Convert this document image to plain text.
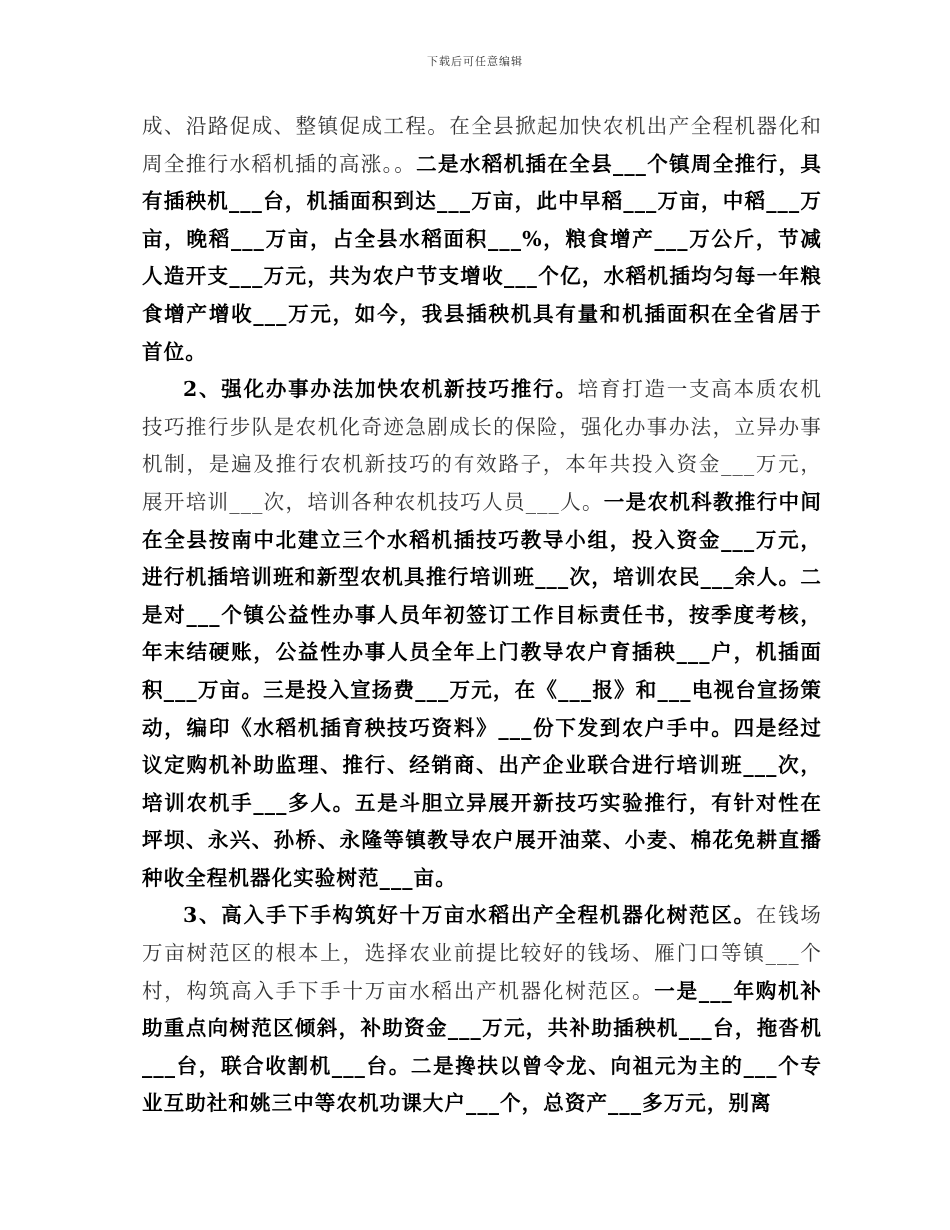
下载后可任意编辑

成、沿路促成、整镇促成工程。在全县掀起加快农机出产全程机器化和周全推行水稻机插的高涨。。二是水稻机插在全县___个镇周全推行，具有插秧机___台，机插面积到达___万亩，此中早稻___万亩，中稻___万亩，晚稻___万亩，占全县水稻面积___%，粮食增产___万公斤，节减人造开支___万元，共为农户节支增收___个亿，水稻机插均匀每一年粮食增产增收___万元，如今，我县插秧机具有量和机插面积在全省居于首位。

2、强化办事办法加快农机新技巧推行。培育打造一支高本质农机技巧推行步队是农机化奇迹急剧成长的保险，强化办事办法，立异办事机制，是遍及推行农机新技巧的有效路子，本年共投入资金___万元，展开培训___次，培训各种农机技巧人员___人。一是农机科教推行中间在全县按南中北建立三个水稻机插技巧教导小组，投入资金___万元，进行机插培训班和新型农机具推行培训班___次，培训农民___余人。二是对___个镇公益性办事人员年初签订工作目标责任书，按季度考核，年末结硬账，公益性办事人员全年上门教导农户育插秧___户，机插面积___万亩。三是投入宣扬费___万元，在《___报》和___电视台宣扬策动，编印《水稻机插育秧技巧资料》___份下发到农户手中。四是经过议定购机补助监理、推行、经销商、出产企业联合进行培训班___次，培训农机手___多人。五是斗胆立异展开新技巧实验推行，有针对性在坪坝、永兴、孙桥、永隆等镇教导农户展开油菜、小麦、棉花免耕直播种收全程机器化实验树范___亩。

3、高入手下手构筑好十万亩水稻出产全程机器化树范区。在钱场万亩树范区的根本上，选择农业前提比较好的钱场、雁门口等镇___个村，构筑高入手下手十万亩水稻出产机器化树范区。一是___年购机补助重点向树范区倾斜，补助资金___万元，共补助插秧机___台，拖沓机___台，联合收割机___台。二是搀扶以曾令龙、向祖元为主的___个专业互助社和姚三中等农机功课大户___个，总资产___多万元，别离
